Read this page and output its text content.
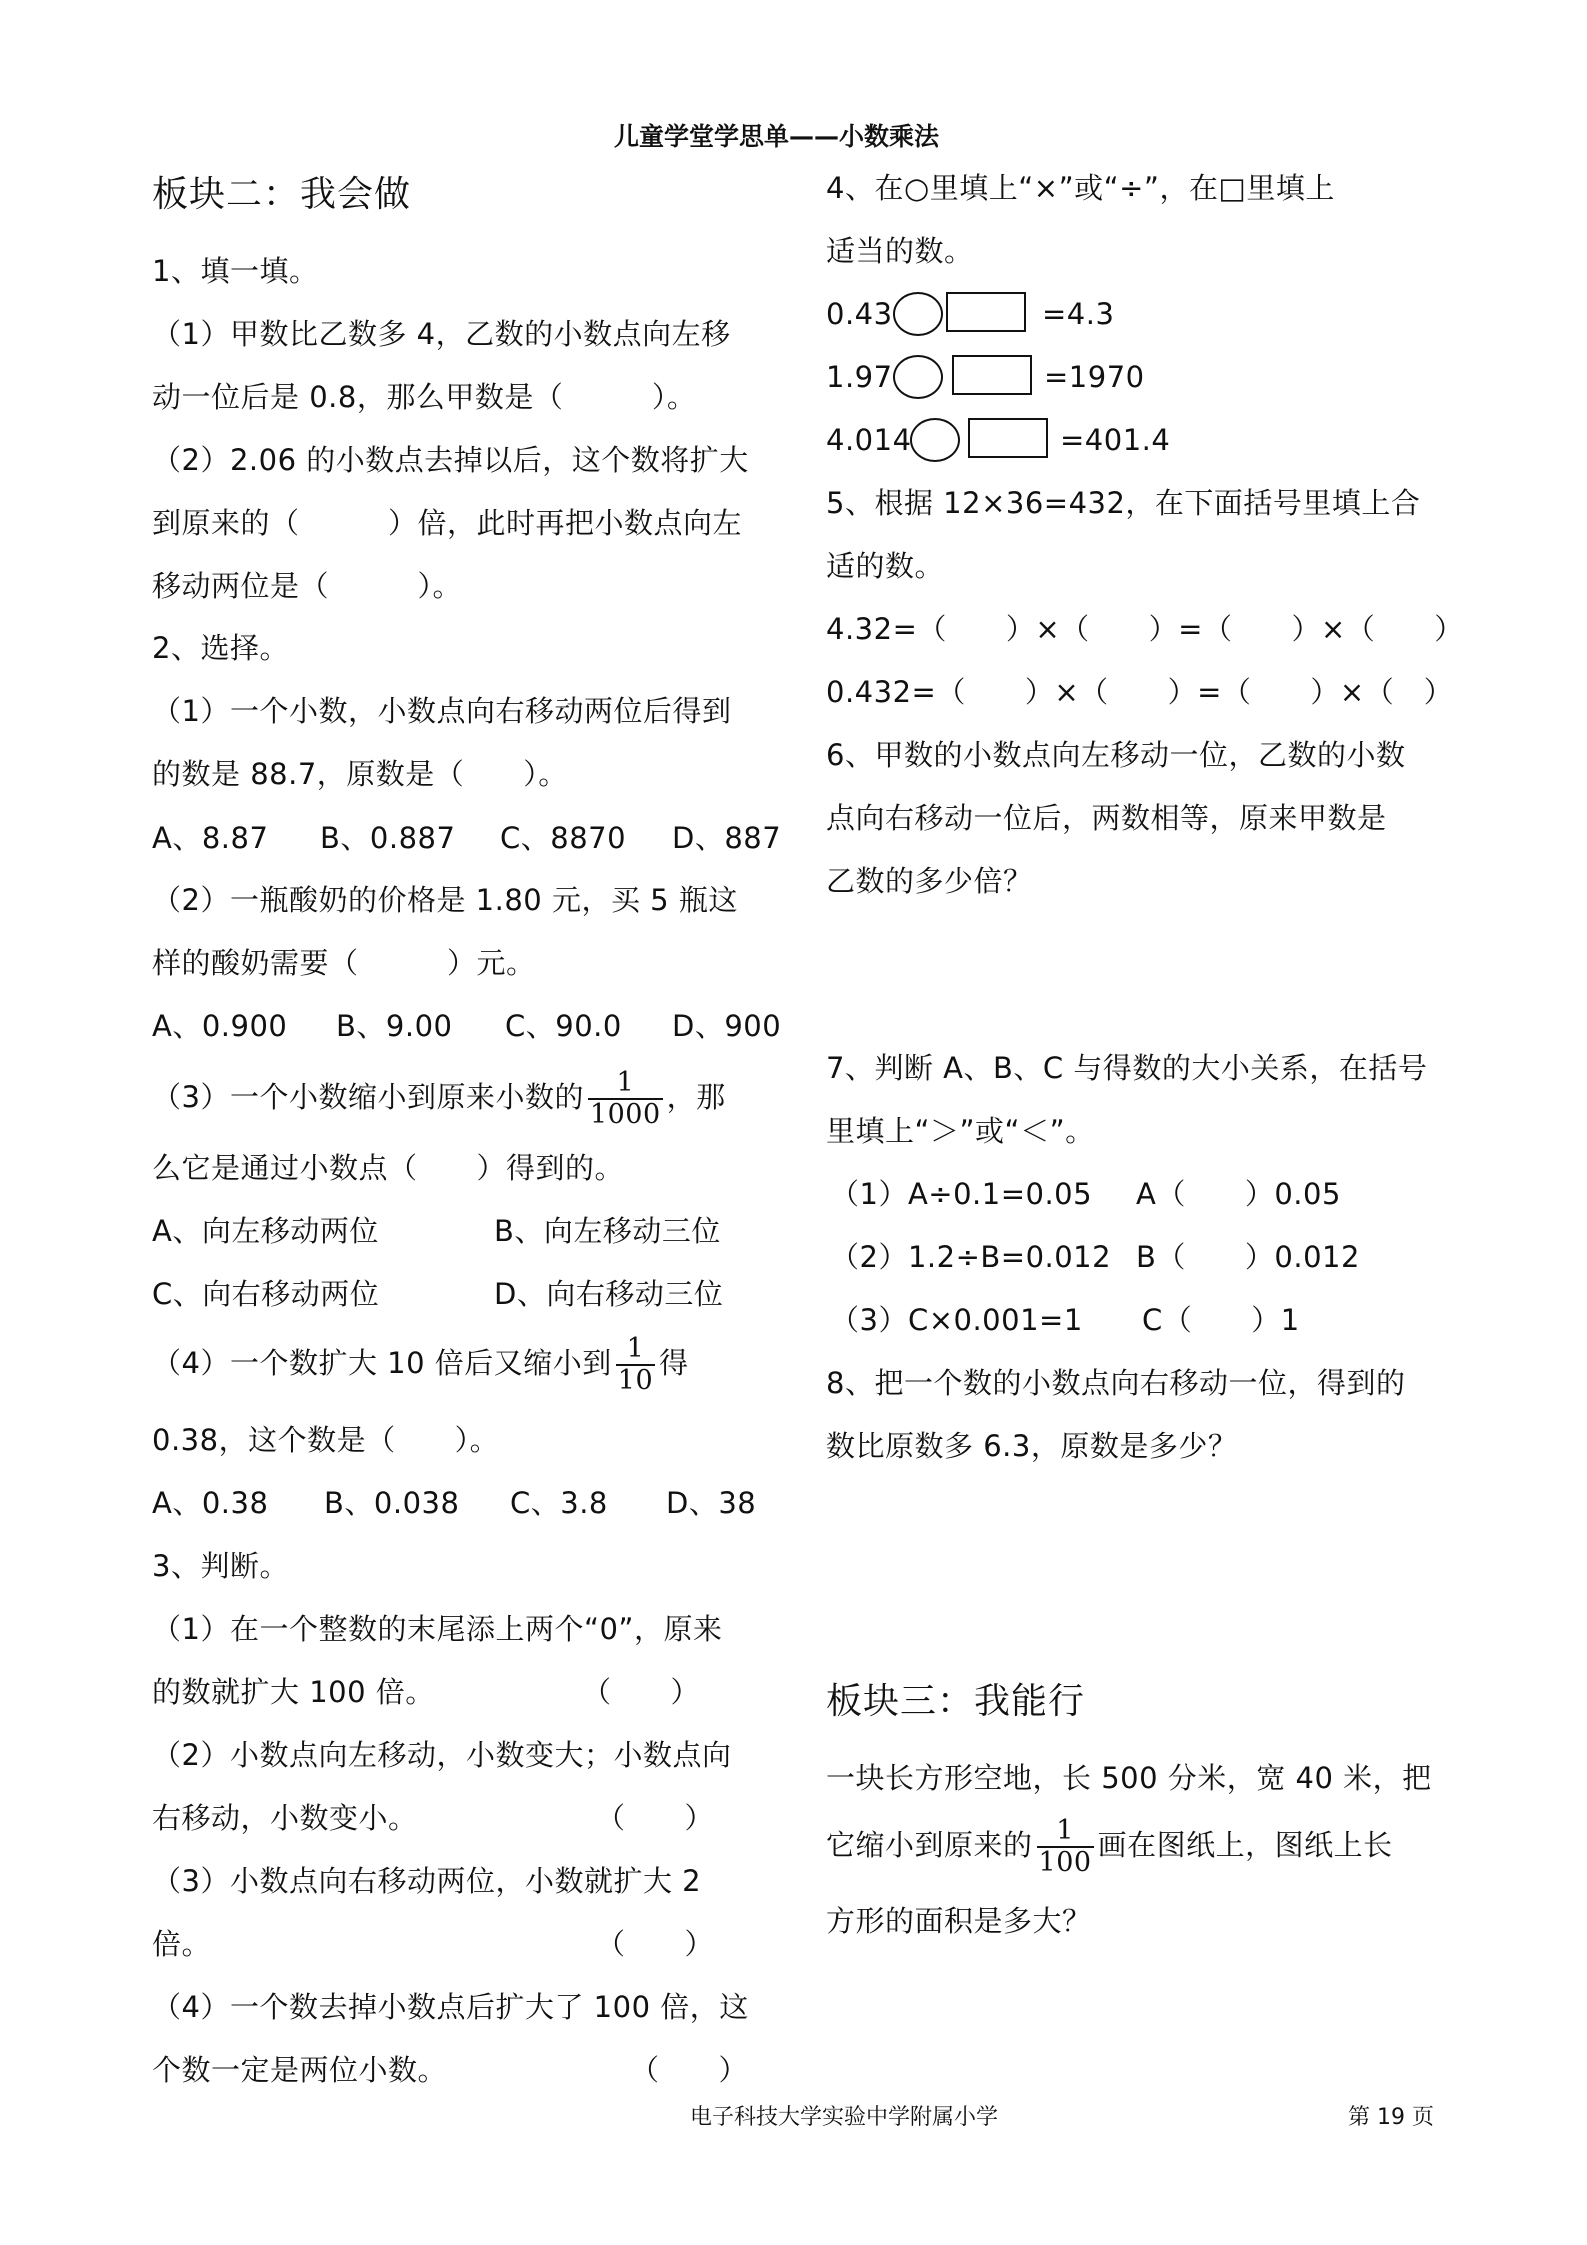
儿童学堂学思单——小数乘法
板块二：我会做
1、填一填。
（1）甲数比乙数多 4，乙数的小数点向左移
动一位后是 0.8，那么甲数是（　　　）。
（2）2.06 的小数点去掉以后，这个数将扩大
到原来的（　　　）倍，此时再把小数点向左
移动两位是（　　　）。
2、选择。
（1）一个小数，小数点向右移动两位后得到
的数是 88.7，原数是（　　）。
A、8.87 B、0.887 C、8870 D、887
（2）一瓶酸奶的价格是 1.80 元，买 5 瓶这
样的酸奶需要（　　　）元。
A、0.900 B、9.00 C、90.0 D、900
（3）一个小数缩小到原来小数的 $\frac{1}{1000}$ ，那
么它是通过小数点（　　）得到的。
A、向左移动两位	B、向左移动三位
C、向右移动两位	D、向右移动三位
（4）一个数扩大 10 倍后又缩小到 $\frac{1}{10}$ 得
0.38，这个数是（　　）。
A、0.38 B、0.038 C、3.8 D、38
3、判断。
（1）在一个整数的末尾添上两个“0”，原来
的数就扩大 100 倍。	（　　）
（2）小数点向左移动，小数变大；小数点向
右移动，小数变小。	（　　）
（3）小数点向右移动两位，小数就扩大 2
倍。	（　　）
（4）一个数去掉小数点后扩大了 100 倍，这
个数一定是两位小数。	（　　）
4、在○里填上“×”或“÷”，在□里填上
适当的数。
0.43	=4.3
1.97	=1970
4.014	=401.4
5、根据 12×36=432，在下面括号里填上合
适的数。
4.32=（　　）×（　　）=（　　）×（　　）
0.432=（　　）×（　　）=（　　）×（　）
6、甲数的小数点向左移动一位，乙数的小数
点向右移动一位后，两数相等，原来甲数是
乙数的多少倍？
7、判断 A、B、C 与得数的大小关系，在括号
里填上“＞”或“＜”。
（1）A÷0.1=0.05 A（　　）0.05
（2）1.2÷B=0.012 B（　　）0.012
（3）C×0.001=1 C（　　）1
8、把一个数的小数点向右移动一位，得到的
数比原数多 6.3，原数是多少？
板块三：我能行
一块长方形空地，长 500 分米，宽 40 米，把
它缩小到原来的 $\frac{1}{100}$ 画在图纸上，图纸上长
方形的面积是多大？
电子科技大学实验中学附属小学	第 19 页
